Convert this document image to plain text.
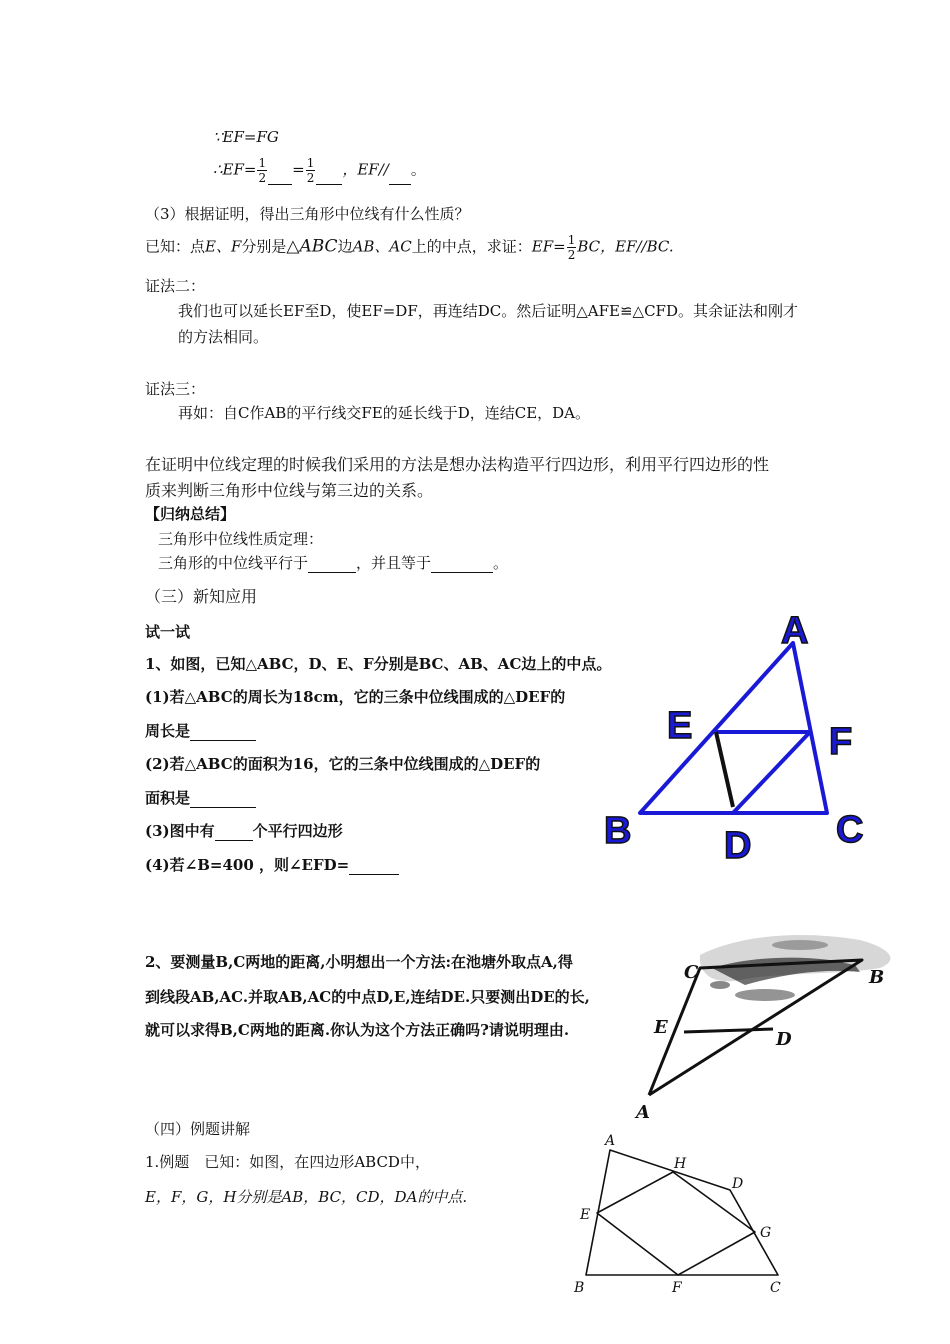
∵EF=FG
∴EF= $\frac{1}{2} = \frac{1}{2}$ ，EF// 。
（3）根据证明，得出三角形中位线有什么性质？
已知：点E、F分别是△ABC边AB、AC上的中点，求证：$EF= \frac{1}{2}$ BC，EF//BC.
证法二：
我们也可以延长EF至D，使EF=DF，再连结DC。然后证明△AFE≌△CFD。其余证法和刚才
的方法相同。
证法三：
再如：自C作AB的平行线交FE的延长线于D，连结CE，DA。
在证明中位线定理的时候我们采用的方法是想办法构造平行四边形，利用平行四边形的性
质来判断三角形中位线与第三边的关系。
【归纳总结】
三角形中位线性质定理：
三角形的中位线平行于	，并且等于	。
（三）新知应用
试一试
1、如图，已知△ABC，D、E、F分别是BC、AB、AC边上的中点。
(1)若△ABC的周长为18cm，它的三条中位线围成的△DEF的
周长是
(2)若△ABC的面积为16，它的三条中位线围成的△DEF的
面积是
(3)图中有	个平行四边形
(4)若∠B=400 ，则∠EFD=
2、要测量B,C两地的距离,小明想出一个方法:在池塘外取点A,得
到线段AB,AC.并取AB,AC的中点D,E,连结DE.只要测出DE的长,
就可以求得B,C两地的距离.你认为这个方法正确吗?请说明理由.
（四）例题讲解
1.例题　已知：如图，在四边形ABCD中，
E，F，G，H分别是AB，BC，CD，DA的中点.
A
E	F
B	C
D
C	B
E
D
A
A
H
D
E
G
B	F	C
